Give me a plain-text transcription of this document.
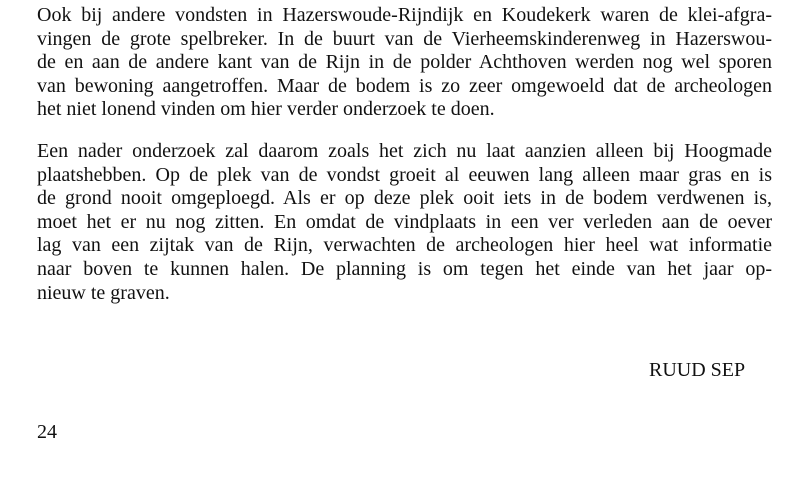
Ook bij andere vondsten in Hazerswoude-Rijndijk en Koudekerk waren de klei-afgra-
vingen de grote spelbreker. In de buurt van de Vierheemskinderenweg in Hazerswou-
de en aan de andere kant van de Rijn in de polder Achthoven werden nog wel sporen
van bewoning aangetroffen. Maar de bodem is zo zeer omgewoeld dat de archeologen
het niet lonend vinden om hier verder onderzoek te doen.
Een nader onderzoek zal daarom zoals het zich nu laat aanzien alleen bij Hoogmade
plaatshebben. Op de plek van de vondst groeit al eeuwen lang alleen maar gras en is
de grond nooit omgeploegd. Als er op deze plek ooit iets in de bodem verdwenen is,
moet het er nu nog zitten. En omdat de vindplaats in een ver verleden aan de oever
lag van een zijtak van de Rijn, verwachten de archeologen hier heel wat informatie
naar boven te kunnen halen. De planning is om tegen het einde van het jaar op-
nieuw te graven.
RUUD SEP
24
